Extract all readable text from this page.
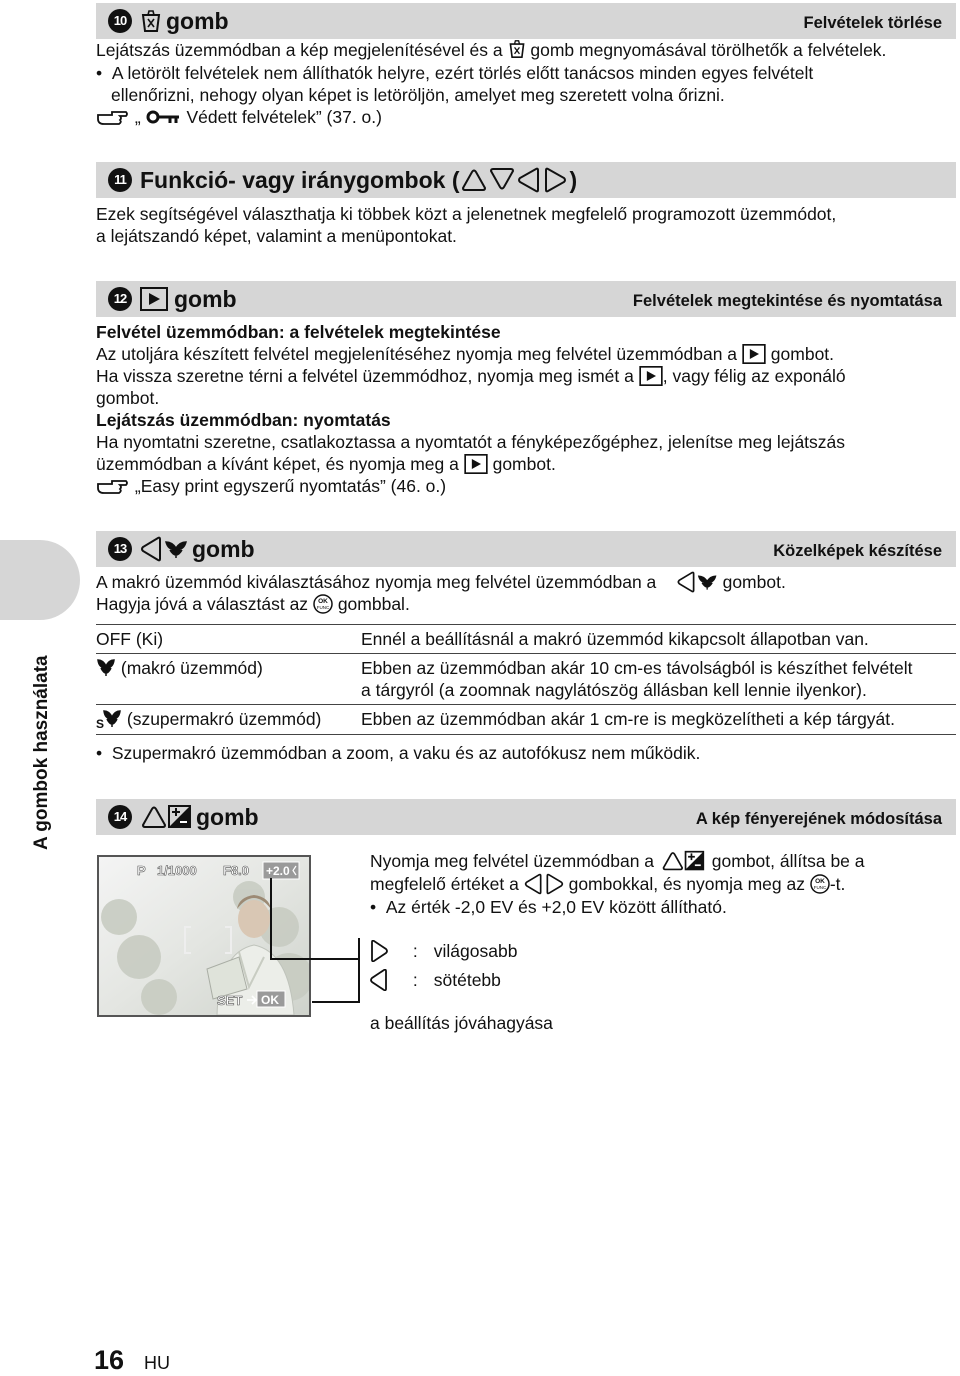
10	gomb	Felvételek törlése
Lejátszás üzemmódban a kép megjelenítésével és a gomb megnyomásával törölhetők a felvételek.
• A letörölt felvételek nem állíthatók helyre, ezért törlés előtt tanácsos minden egyes felvételt
ellenőrizni, nehogy olyan képet is letöröljön, amelyet meg szeretett volna őrizni.
„	Védett felvételek” (37. o.)
11 Funkció- vagy iránygombok (	)
Ezek segítségével választhatja ki többek közt a jelenetnek megfelelő programozott üzemmódot,
a lejátszandó képet, valamint a menüpontokat.
12	gomb	Felvételek megtekintése és nyomtatása
Felvétel üzemmódban: a felvételek megtekintése
Az utoljára készített felvétel megjelenítéséhez nyomja meg felvétel üzemmódban a gombot.
Ha vissza szeretne térni a felvétel üzemmódhoz, nyomja meg ismét a , vagy félig az exponáló
gombot.
Lejátszás üzemmódban: nyomtatás
Ha nyomtatni szeretne, csatlakoztassa a nyomtatót a fényképezőgéphez, jelenítse meg lejátszás
üzemmódban a kívánt képet, és nyomja meg a gombot.
„Easy print egyszerű nyomtatás” (46. o.)
A gombok használata
13	gomb	Közelképek készítése
A makró üzemmód kiválasztásához nyomja meg felvétel üzemmódban a	gombot.
Hagyja jóvá a választást az OK
FUNC gombbal.
OFF (Ki)	Ennél a beállításnál a makró üzemmód kikapcsolt állapotban van.
(makró üzemmód)	Ebben az üzemmódban akár 10 cm-es távolságból is készíthet felvételt
a tárgyról (a zoomnak nagylátószög állásban kell lennie ilyenkor).
S (szupermakró üzemmód) Ebben az üzemmódban akár 1 cm-re is megközelítheti a kép tárgyát.
• Szupermakró üzemmódban a zoom, a vaku és az autofókusz nem működik.
14	gomb	A kép fényerejének módosítása
P 1/1000 F8.0 +2.0
SET OK
Nyomja meg felvétel üzemmódban a	gombot, állítsa be a
megfelelő értéket a	gombokkal, és nyomja meg az OK
FUNC -t.
• Az érték -2,0 EV és +2,0 EV között állítható.
: világosabb
: sötétebb
a beállítás jóváhagyása
16 HU
